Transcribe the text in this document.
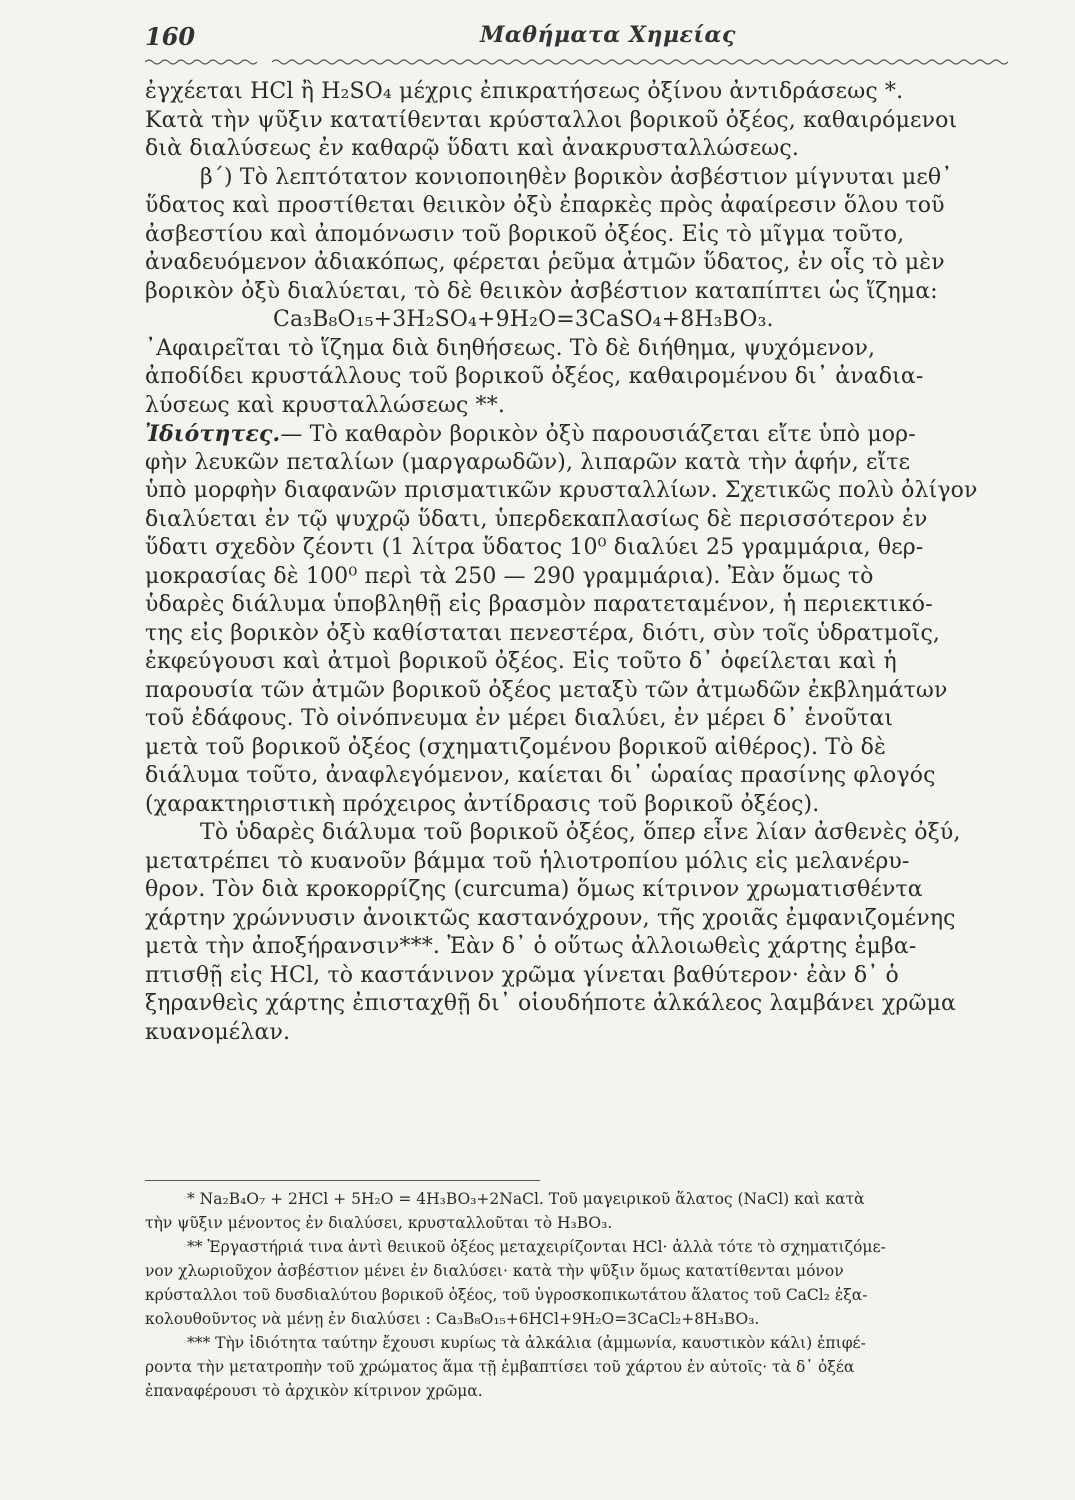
160	Μαθήματα Χημείας
ἐγχέεται HCl ἢ H₂SO₄ μέχρις ἐπικρατήσεως ὀξίνου ἀντιδράσεως *.
Κατὰ τὴν ψῦξιν κατατίθενται κρύσταλλοι βορικοῦ ὀξέος, καθαιρόμενοι
διὰ διαλύσεως ἐν καθαρῷ ὕδατι καὶ ἀνακρυσταλλώσεως.
β´) Τὸ λεπτότατον κονιοποιηθὲν βορικὸν ἀσβέστιον μίγνυται μεθ᾽
ὕδατος καὶ προστίθεται θειικὸν ὀξὺ ἐπαρκὲς πρὸς ἀφαίρεσιν ὅλου τοῦ
ἀσβεστίου καὶ ἀπομόνωσιν τοῦ βορικοῦ ὀξέος. Εἰς τὸ μῖγμα τοῦτο,
ἀναδευόμενον ἀδιακόπως, φέρεται ῥεῦμα ἀτμῶν ὕδατος, ἐν οἷς τὸ μὲν
βορικὸν ὀξὺ διαλύεται, τὸ δὲ θειικὸν ἀσβέστιον καταπίπτει ὡς ἵζημα:
Ca₃B₈O₁₅+3H₂SO₄+9H₂O=3CaSO₄+8H₃BO₃.
᾿Αφαιρεῖται τὸ ἵζημα διὰ διηθήσεως. Τὸ δὲ διήθημα, ψυχόμενον,
ἀποδίδει κρυστάλλους τοῦ βορικοῦ ὀξέος, καθαιρομένου δι᾽ ἀναδια-
λύσεως καὶ κρυσταλλώσεως **.
Ἰδιότητες.— Τὸ καθαρὸν βορικὸν ὀξὺ παρουσιάζεται εἴτε ὑπὸ μορ-
φὴν λευκῶν πεταλίων (μαργαρωδῶν), λιπαρῶν κατὰ τὴν ἁφήν, εἴτε
ὑπὸ μορφὴν διαφανῶν πρισματικῶν κρυσταλλίων. Σχετικῶς πολὺ ὀλίγον
διαλύεται ἐν τῷ ψυχρῷ ὕδατι, ὑπερδεκαπλασίως δὲ περισσότερον ἐν
ὕδατι σχεδὸν ζέοντι (1 λίτρα ὕδατος 10⁰ διαλύει 25 γραμμάρια, θερ-
μοκρασίας δὲ 100⁰ περὶ τὰ 250 — 290 γραμμάρια). Ἐὰν ὅμως τὸ
ὑδαρὲς διάλυμα ὑποβληθῇ εἰς βρασμὸν παρατεταμένον, ἡ περιεκτικό-
της εἰς βορικὸν ὀξὺ καθίσταται πενεστέρα, διότι, σὺν τοῖς ὑδρατμοῖς,
ἐκφεύγουσι καὶ ἀτμοὶ βορικοῦ ὀξέος. Εἰς τοῦτο δ᾽ ὀφείλεται καὶ ἡ
παρουσία τῶν ἀτμῶν βορικοῦ ὀξέος μεταξὺ τῶν ἀτμωδῶν ἐκβλημάτων
τοῦ ἐδάφους. Τὸ οἰνόπνευμα ἐν μέρει διαλύει, ἐν μέρει δ᾽ ἑνοῦται
μετὰ τοῦ βορικοῦ ὀξέος (σχηματιζομένου βορικοῦ αἰθέρος). Τὸ δὲ
διάλυμα τοῦτο, ἀναφλεγόμενον, καίεται δι᾽ ὡραίας πρασίνης φλογός
(χαρακτηριστικὴ πρόχειρος ἀντίδρασις τοῦ βορικοῦ ὀξέος).
Τὸ ὑδαρὲς διάλυμα τοῦ βορικοῦ ὀξέος, ὅπερ εἶνε λίαν ἀσθενὲς ὀξύ,
μετατρέπει τὸ κυανοῦν βάμμα τοῦ ἡλιοτροπίου μόλις εἰς μελανέρυ-
θρον. Τὸν διὰ κροκορρίζης (curcuma) ὅμως κίτρινον χρωματισθέντα
χάρτην χρώννυσιν ἀνοικτῶς καστανόχρουν, τῆς χροιᾶς ἐμφανιζομένης
μετὰ τὴν ἀποξήρανσιν***. Ἐὰν δ᾽ ὁ οὕτως ἀλλοιωθεὶς χάρτης ἐμβα-
πτισθῇ εἰς HCl, τὸ καστάνινον χρῶμα γίνεται βαθύτερον· ἐὰν δ᾽ ὁ
ξηρανθεὶς χάρτης ἐπισταχθῇ δι᾽ οἱουδήποτε ἀλκάλεος λαμβάνει χρῶμα
κυανομέλαν.
* Na₂B₄O₇ + 2HCl + 5H₂O = 4H₃BO₃+2NaCl. Τοῦ μαγειρικοῦ ἅλατος (NaCl) καὶ κατὰ
τὴν ψῦξιν μένοντος ἐν διαλύσει, κρυσταλλοῦται τὸ H₃BO₃.
** Ἐργαστήριά τινα ἀντὶ θειικοῦ ὀξέος μεταχειρίζονται HCl· ἀλλὰ τότε τὸ σχηματιζόμε-
νον χλωριοῦχον ἀσβέστιον μένει ἐν διαλύσει· κατὰ τὴν ψῦξιν ὅμως κατατίθενται μόνον
κρύσταλλοι τοῦ δυσδιαλύτου βορικοῦ ὀξέος, τοῦ ὑγροσκοπικωτάτου ἅλατος τοῦ CaCl₂ ἐξα-
κολουθοῦντος νὰ μένῃ ἐν διαλύσει : Ca₃B₈O₁₅+6HCl+9H₂O=3CaCl₂+8H₃BO₃.
*** Τὴν ἰδιότητα ταύτην ἔχουσι κυρίως τὰ ἀλκάλια (ἀμμωνία, καυστικὸν κάλι) ἐπιφέ-
ροντα τὴν μετατροπὴν τοῦ χρώματος ἅμα τῇ ἐμβαπτίσει τοῦ χάρτου ἐν αὐτοῖς· τὰ δ᾽ ὀξέα
ἐπαναφέρουσι τὸ ἀρχικὸν κίτρινον χρῶμα.
